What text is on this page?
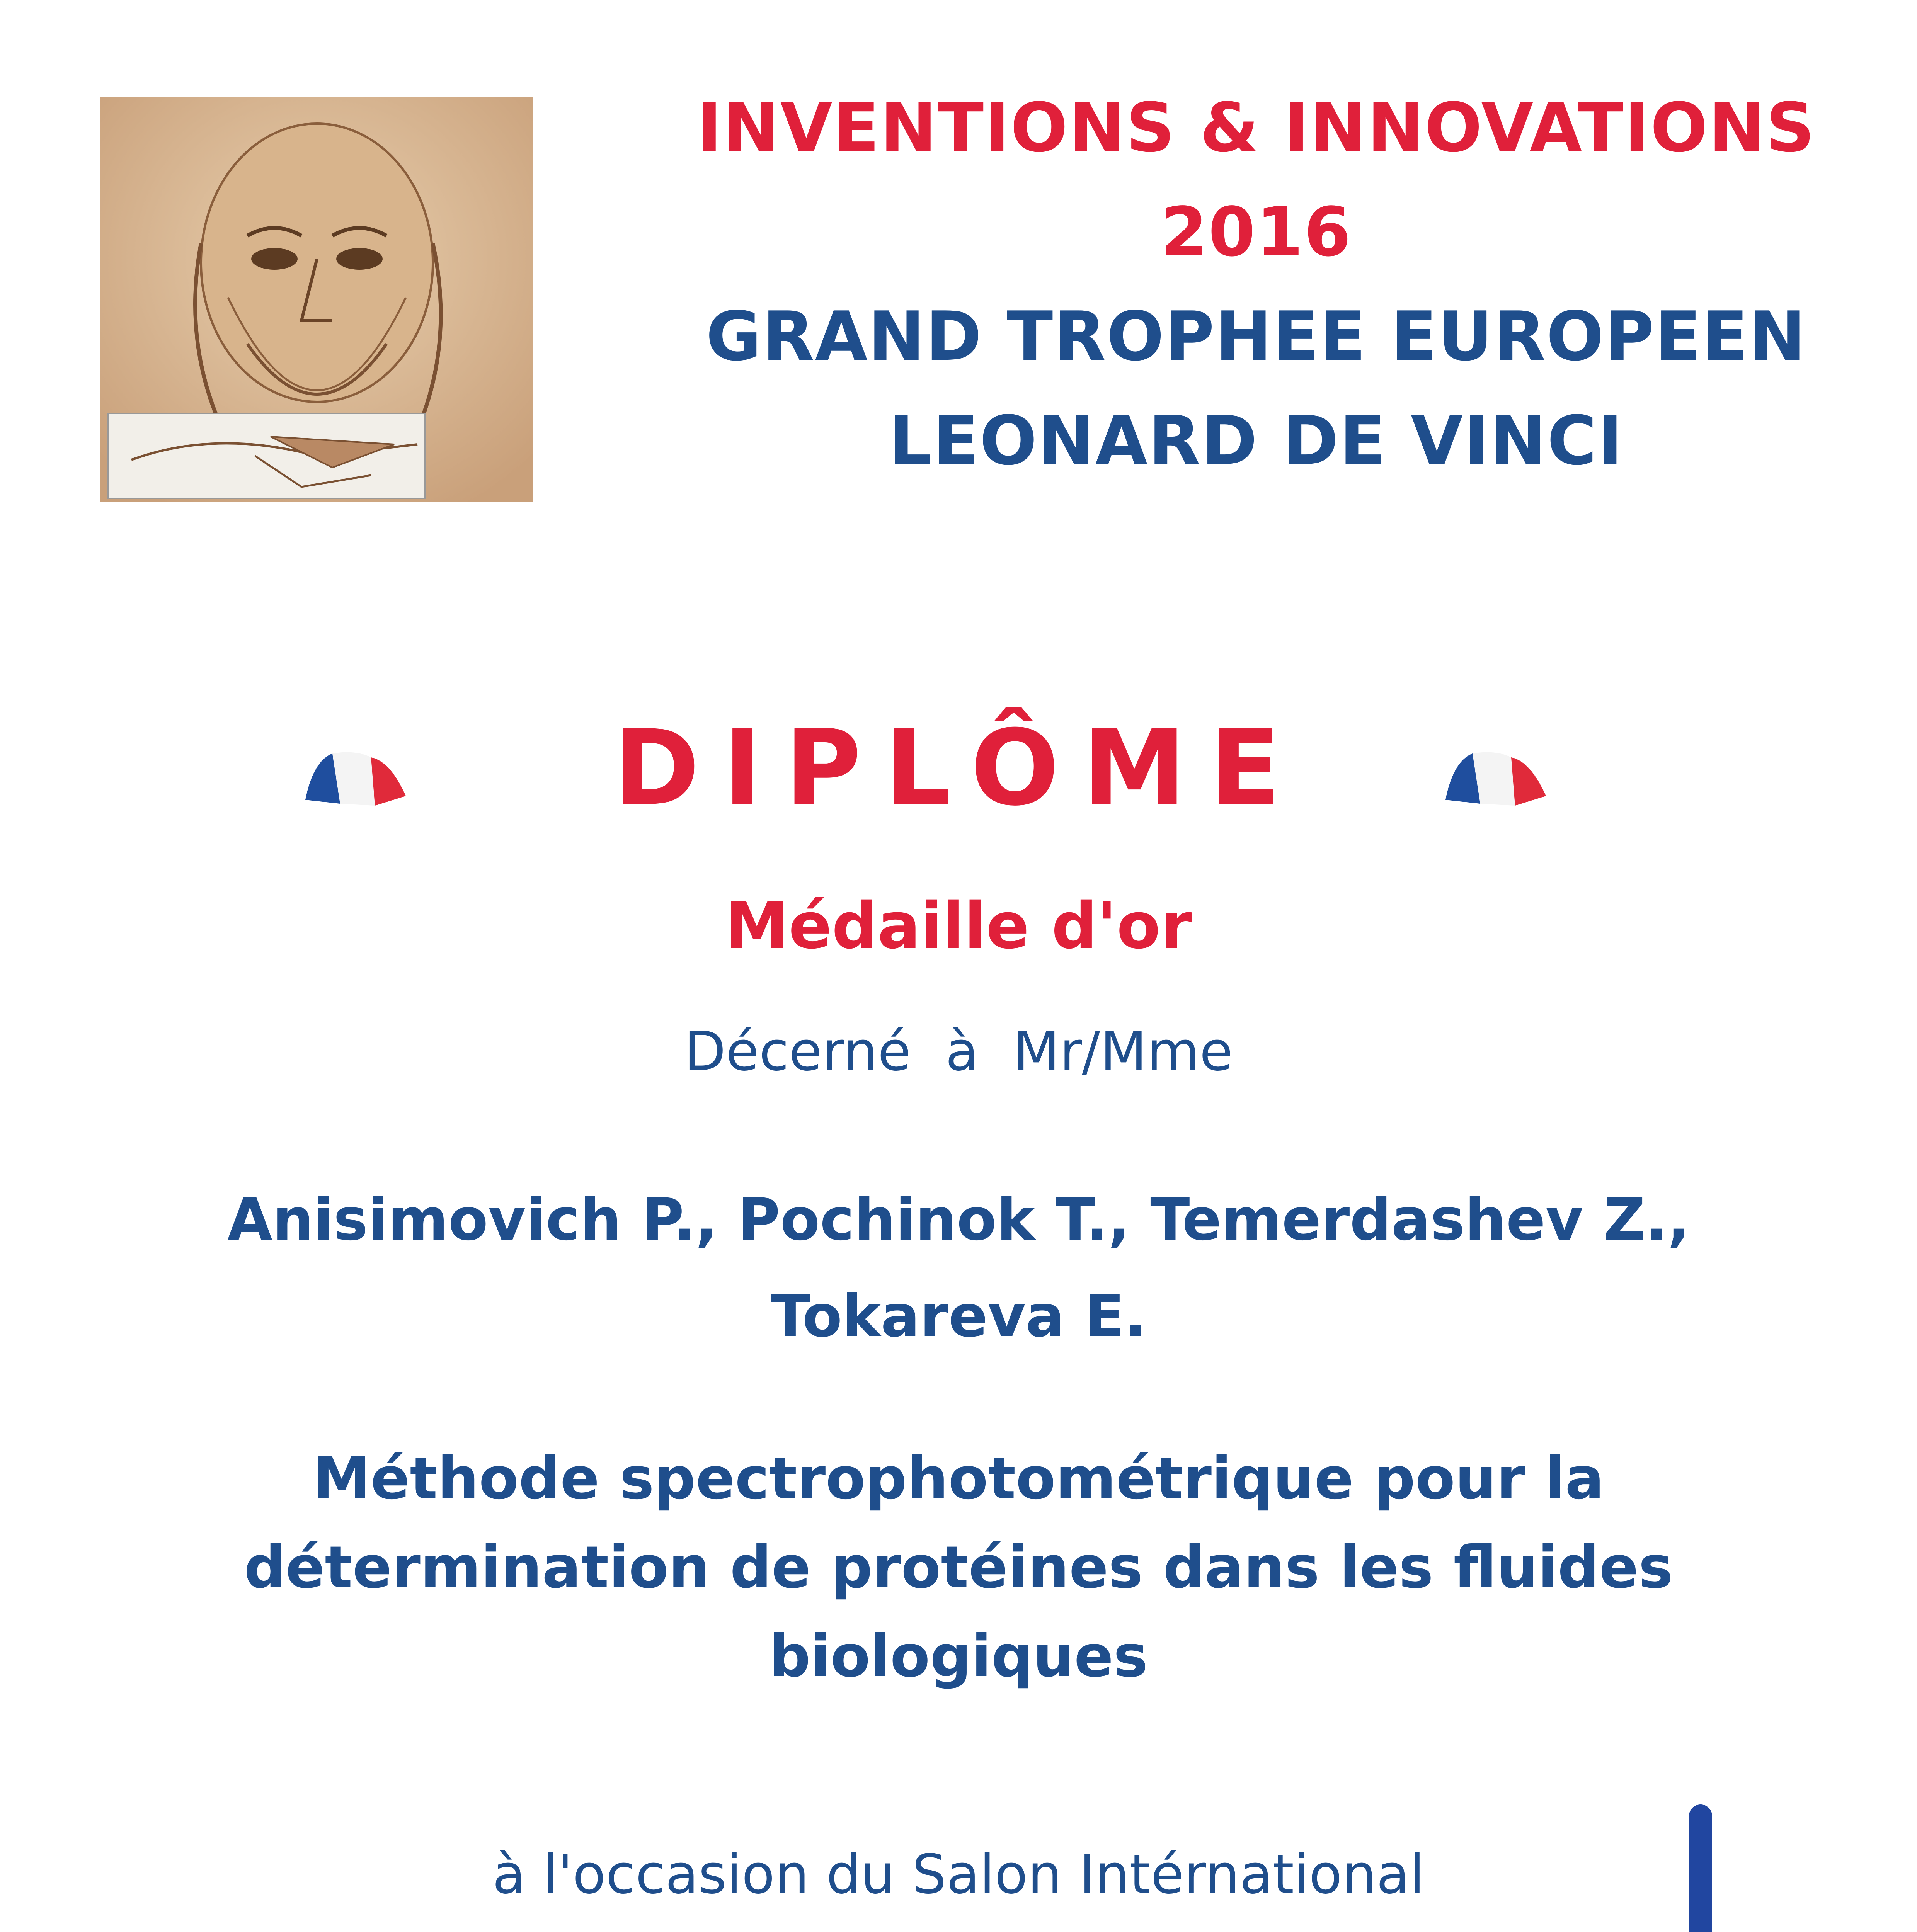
INVENTIONS & INNOVATIONS
2016
GRAND TROPHEE EUROPEEN
LEONARD DE VINCI
DIPLÔME
Médaille d'or
Décerné  à  Mr/Mme
Anisimovich P., Pochinok T., Temerdashev Z.,
Tokareva E.
Méthode spectrophotométrique pour la
détermination de protéines dans les fluides
biologiques
à l'occasion du Salon Intérnational
